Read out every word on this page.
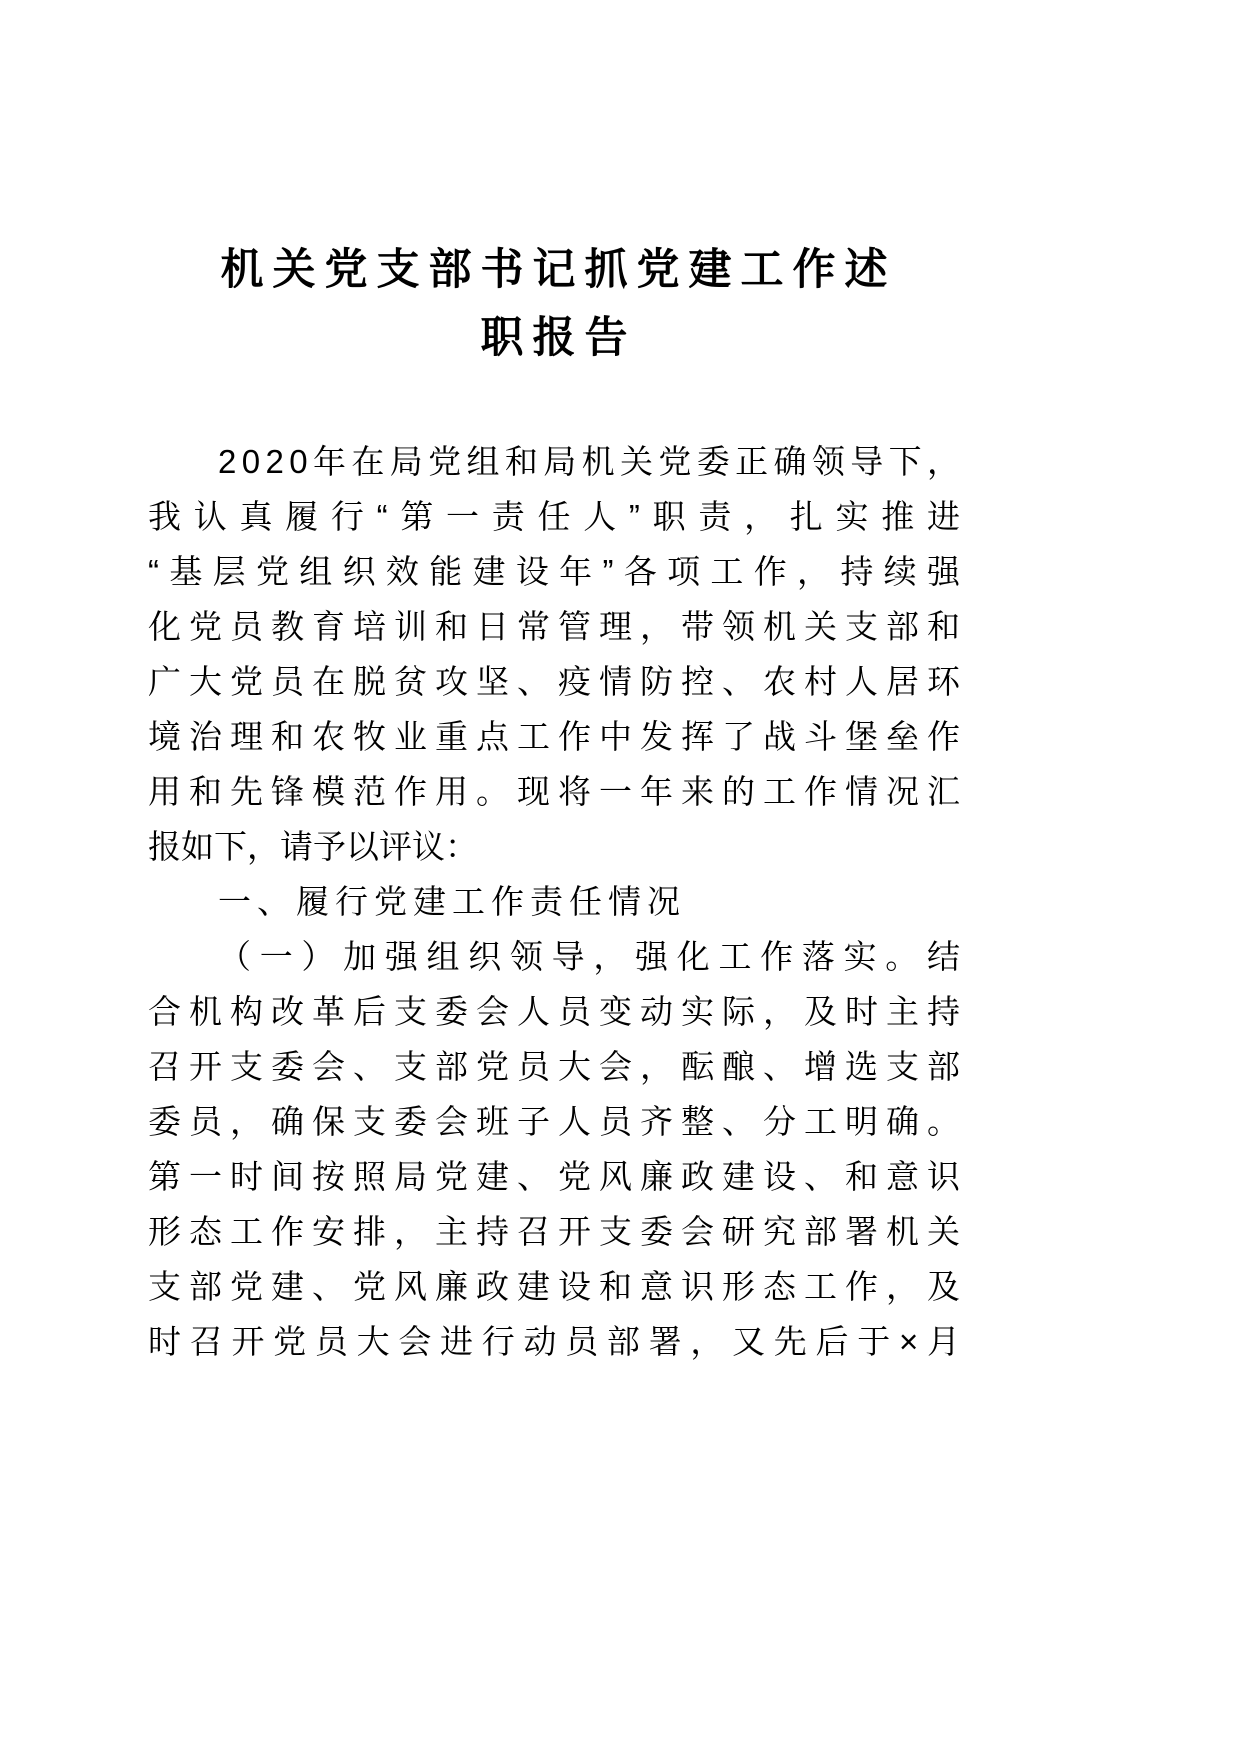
机关党支部书记抓党建工作述
职报告

2 0 2 0 年 在 局 党 组 和 局 机 关 党 委 正 确 领 导 下 ，
我 认 真 履 行 “ 第 一 责 任 人 ” 职 责 ， 扎 实 推 进
“ 基 层 党 组 织 效 能 建 设 年 ” 各 项 工 作 ， 持 续 强
化 党 员 教 育 培 训 和 日 常 管 理 ， 带 领 机 关 支 部 和
广 大 党 员 在 脱 贫 攻 坚 、 疫 情 防 控 、 农 村 人 居 环
境 治 理 和 农 牧 业 重 点 工 作 中 发 挥 了 战 斗 堡 垒 作
用 和 先 锋 模 范 作 用 。 现 将 一 年 来 的 工 作 情 况 汇
报如下，请予以评议：

一、履行党建工作责任情况

（ 一 ） 加 强 组 织 领 导 ， 强 化 工 作 落 实 。 结
合 机 构 改 革 后 支 委 会 人 员 变 动 实 际 ， 及 时 主 持
召 开 支 委 会 、 支 部 党 员 大 会 ， 酝 酿 、 增 选 支 部
委 员 ， 确 保 支 委 会 班 子 人 员 齐 整 、 分 工 明 确 。
第 一 时 间 按 照 局 党 建 、 党 风 廉 政 建 设 、 和 意 识
形 态 工 作 安 排 ， 主 持 召 开 支 委 会 研 究 部 署 机 关
支 部 党 建 、 党 风 廉 政 建 设 和 意 识 形 态 工 作 ， 及
时 召 开 党 员 大 会 进 行 动 员 部 署 ， 又 先 后 于 × 月
